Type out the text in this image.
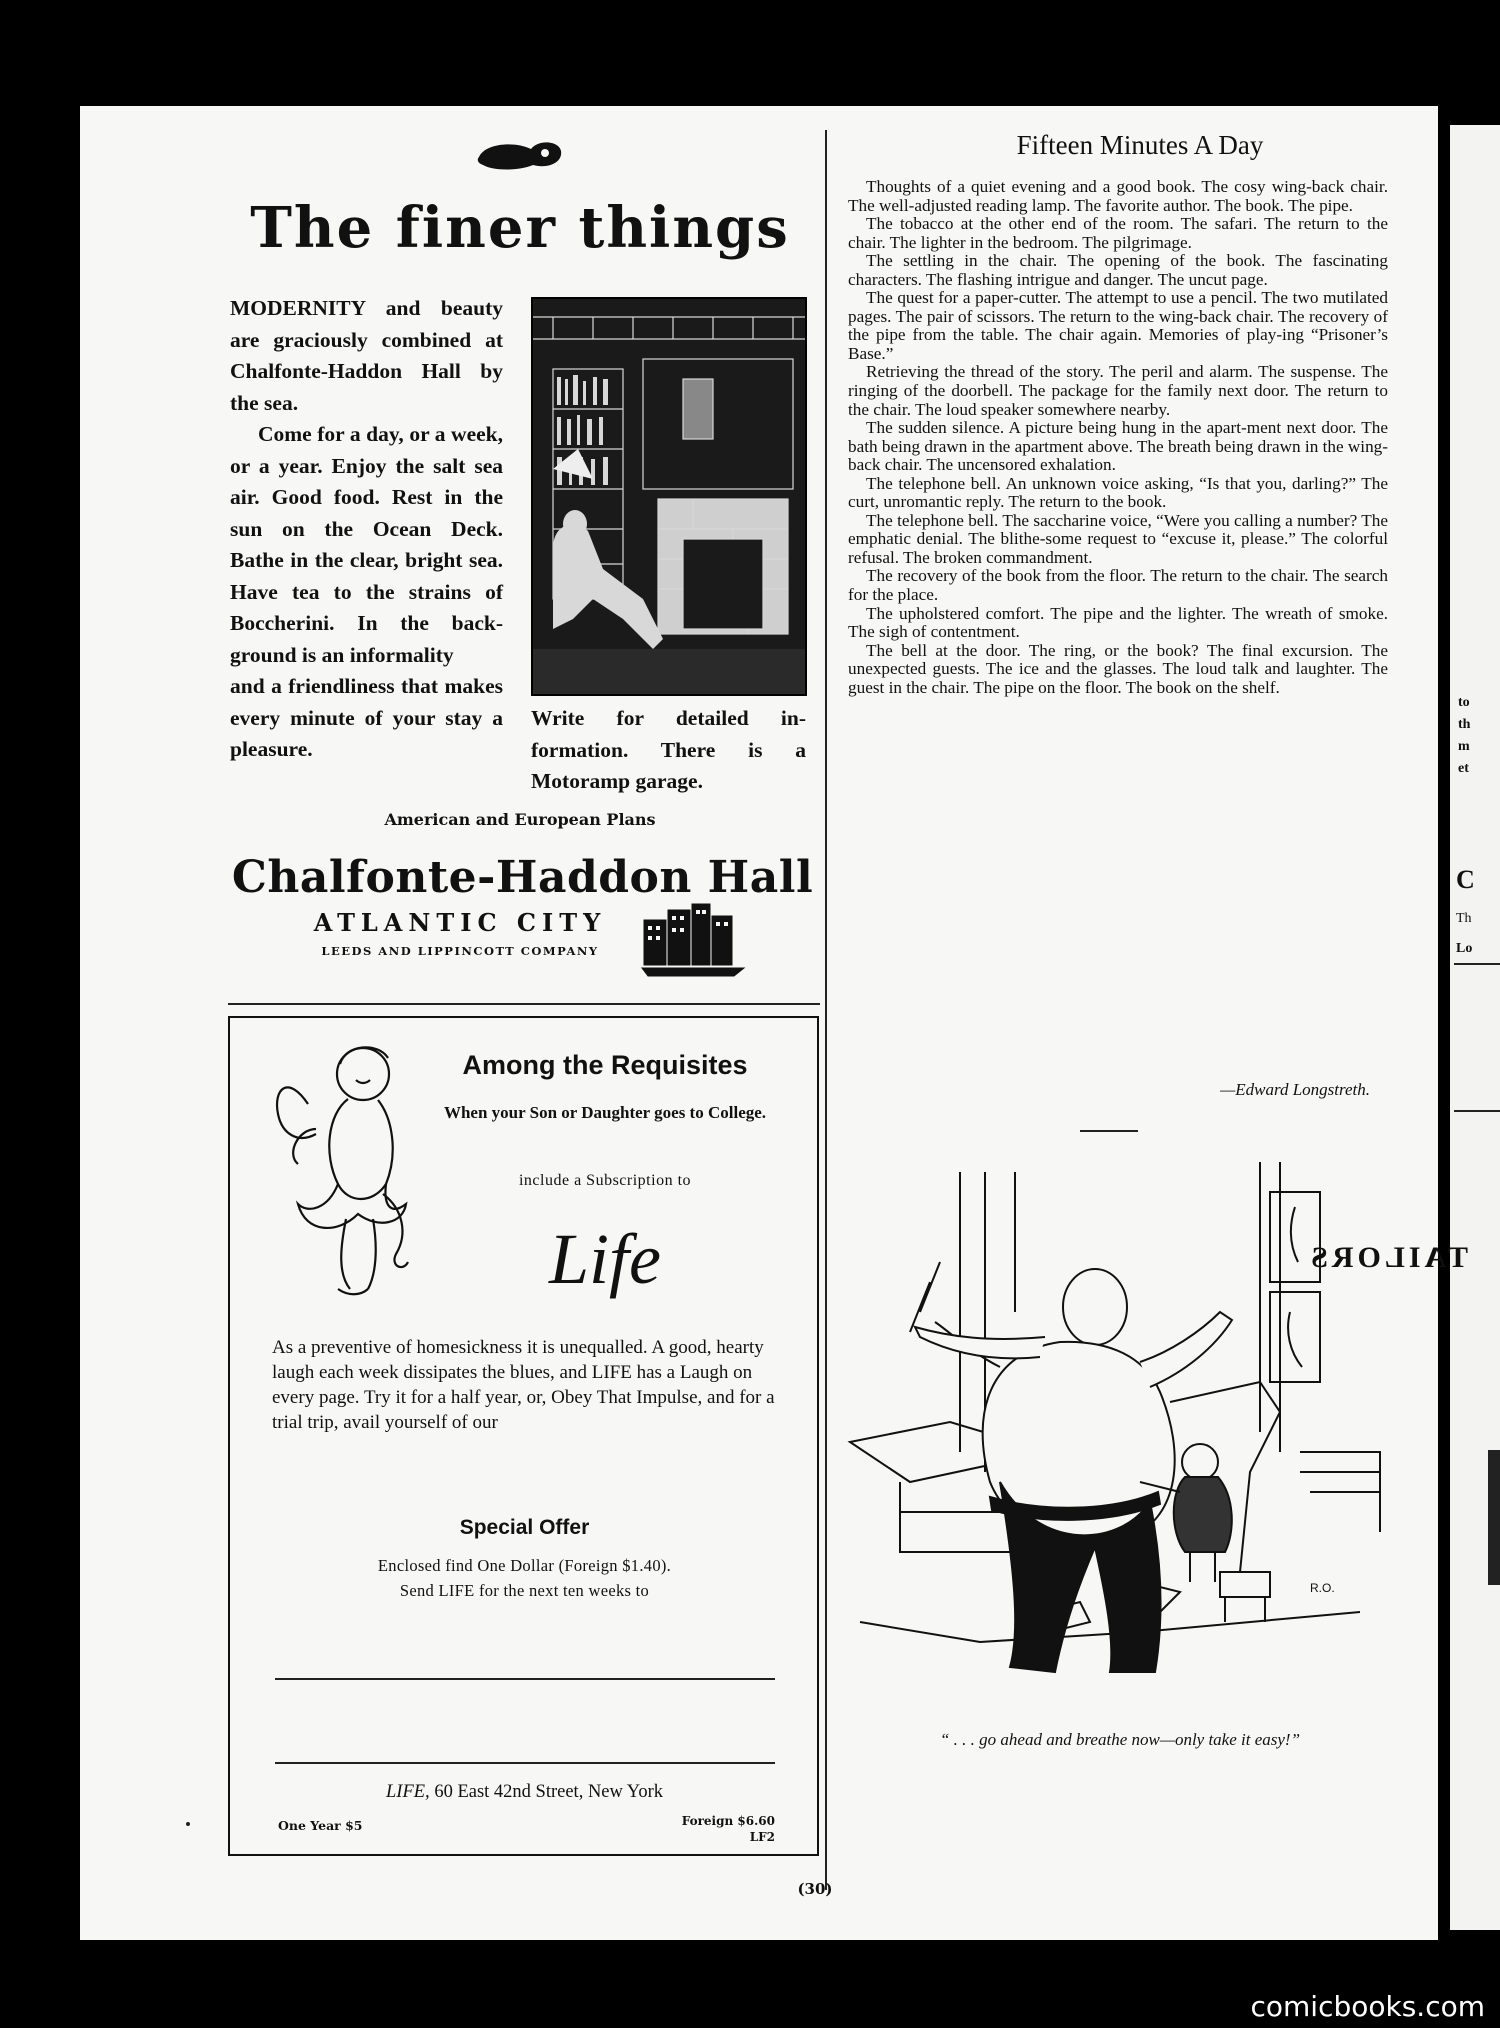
to
th
m
et
C
Th
Lo
The finer things

MODERNITY and beauty are graciously combined at Chalfonte-Haddon Hall by the sea.

Come for a day, or a week, or a year. Enjoy the salt sea air. Good food. Rest in the sun on the Ocean Deck. Bathe in the clear, bright sea. Have tea to the strains of Boccherini. In the back-ground is an informality

and a friendliness that makes every minute of your stay a pleasure.

Write for detailed in-formation. There is a Motoramp garage.
American and European Plans
Chalfonte-Haddon Hall
ATLANTIC CITY
LEEDS AND LIPPINCOTT COMPANY
Among the Requisites
When your Son or Daughter goes to College.
include a Subscription to
Life
As a preventive of homesickness it is unequalled. A good, hearty laugh each week dissipates the blues, and LIFE has a Laugh on every page. Try it for a half year, or, Obey That Impulse, and for a trial trip, avail yourself of our
Special Offer
Enclosed find One Dollar (Foreign $1.40).
Send LIFE for the next ten weeks to
LIFE, 60 East 42nd Street, New York
One Year $5	Foreign $6.60
LF2
Fifteen Minutes A Day

Thoughts of a quiet evening and a good book. The cosy wing-back chair. The well-adjusted reading lamp. The favorite author. The book. The pipe.

The tobacco at the other end of the room. The safari. The return to the chair. The lighter in the bedroom. The pilgrimage.

The settling in the chair. The opening of the book. The fascinating characters. The flashing intrigue and danger. The uncut page.

The quest for a paper-cutter. The attempt to use a pencil. The two mutilated pages. The pair of scissors. The return to the wing-back chair. The recovery of the pipe from the table. The chair again. Memories of play-ing “Prisoner’s Base.”

Retrieving the thread of the story. The peril and alarm. The suspense. The ringing of the doorbell. The package for the family next door. The return to the chair. The loud speaker somewhere nearby.

The sudden silence. A picture being hung in the apart-ment next door. The bath being drawn in the apartment above. The breath being drawn in the wing-back chair. The uncensored exhalation.

The telephone bell. An unknown voice asking, “Is that you, darling?” The curt, unromantic reply. The return to the book.

The telephone bell. The saccharine voice, “Were you calling a number? The emphatic denial. The blithe-some request to “excuse it, please.” The colorful refusal. The broken commandment.

The recovery of the book from the floor. The return to the chair. The search for the place.

The upholstered comfort. The pipe and the lighter. The wreath of smoke. The sigh of contentment.

The bell at the door. The ring, or the book? The final excursion. The unexpected guests. The ice and the glasses. The loud talk and laughter. The guest in the chair. The pipe on the floor. The book on the shelf.

—Edward Longstreth.
TAILORS
R.O.
“ . . . go ahead and breathe now—only take it easy!”
(30)
comicbooks.com
